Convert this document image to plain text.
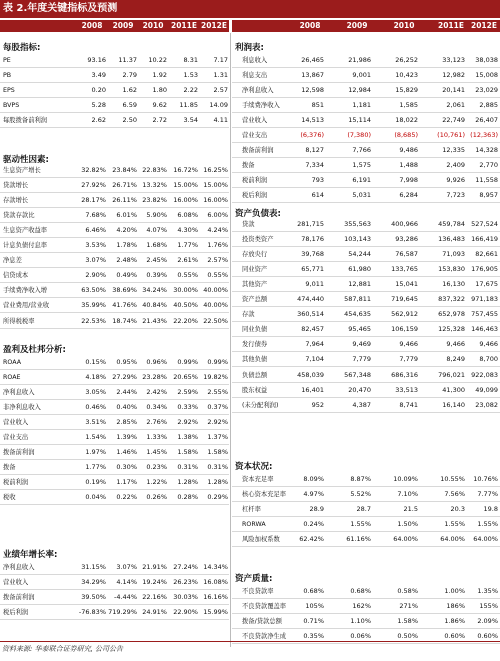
表 2.年度关键指标及预测
2008	2009	2010	2011E 2012E	2008	2009	2010	2011E 2012E
每股指标:
PE	93.16	11.37	10.22	8.31	7.17
PB	3.49	2.79	1.92	1.53	1.31
EPS	0.20	1.62	1.80	2.22	2.57
BVPS	5.28	6.59	9.62	11.85	14.09
每股拨备前利润	2.62	2.50	2.72	3.54	4.11
驱动性因素:
生息资产增长	32.82% 23.84% 22.83% 16.72% 16.25%
贷款增长	27.92% 26.71% 13.32% 15.00% 15.00%
存款增长	28.17% 26.11% 23.82% 16.00% 16.00%
贷款存款比	7.68%	6.01%	5.90%	6.08%	6.00%
生息资产收益率	6.46%	4.20%	4.07%	4.30%	4.24%
计息负债付息率	3.53%	1.78%	1.68%	1.77%	1.76%
净息差	3.07%	2.48%	2.45%	2.61%	2.57%
信贷成本	2.90%	0.49%	0.39%	0.55%	0.55%
手续费净收入增	63.50% 38.69% 34.24% 30.00% 40.00%
营业费用/营业收	35.99% 41.76% 40.84% 40.50% 40.00%
所得税税率	22.53% 18.74% 21.43% 22.20% 22.50%
盈利及杜邦分析:
ROAA	0.15%	0.95%	0.96%	0.99%	0.99%
ROAE	4.18% 27.29% 23.28% 20.65% 19.82%
净利息收入	3.05%	2.44%	2.42%	2.59%	2.55%
非净利息收入	0.46%	0.40%	0.34%	0.33%	0.37%
营业收入	3.51%	2.85%	2.76%	2.92%	2.92%
营业支出	1.54%	1.39%	1.33%	1.38%	1.37%
拨备前利润	1.97%	1.46%	1.45%	1.58%	1.58%
拨备	1.77%	0.30%	0.23%	0.31%	0.31%
税前利润	0.19%	1.17%	1.22%	1.28%	1.28%
税收	0.04%	0.22%	0.26%	0.28%	0.29%
业绩年增长率:
净利息收入	31.15%	3.07% 21.91% 27.24% 14.34%
营业收入	34.29%	4.14% 19.24% 26.23% 16.08%
拨备前利润	39.50%	-4.44% 22.16% 30.03% 16.16%
税后利润	-76.83% 719.29% 24.91% 22.90% 15.99%
利润表:
利息收入	26,465	21,986	26,252	33,123	38,038
利息支出	13,867	9,001	10,423	12,982	15,008
净利息收入	12,598	12,984	15,829	20,141	23,029
手续费净收入	851	1,181	1,585	2,061	2,885
营业收入	14,513	15,114	18,022	22,749	26,407
营业支出	(6,376)	(7,380)	(8,685)	(10,761) (12,363)
拨备前利润	8,127	7,766	9,486	12,335	14,328
拨备	7,334	1,575	1,488	2,409	2,770
税前利润	793	6,191	7,998	9,926	11,558
税后利润	614	5,031	6,284	7,723	8,957
资产负债表:
贷款	281,715	355,563	400,966	459,784 527,524
投资类资产	78,176	103,143	93,286	136,483 166,419
存放央行	39,768	54,244	76,587	71,093	82,661
同业资产	65,771	61,980	133,765	153,830 176,905
其他资产	9,011	12,881	15,041	16,130	17,675
资产总额	474,440	587,811	719,645	837,322 971,183
存款	360,514	454,635	562,912	652,978 757,455
同业负债	82,457	95,465	106,159	125,328 146,463
发行债券	7,964	9,469	9,466	9,466	9,466
其他负债	7,104	7,779	7,779	8,249	8,700
负债总额	458,039	567,348	686,316	796,021 922,083
股东权益	16,401	20,470	33,513	41,300	49,099
(未分配利润)	952	4,387	8,741	16,140	23,082
资本状况:
资本充足率	8.09%	8.87%	10.09%	10.55%	10.76%
核心资本充足率	4.97%	5.52%	7.10%	7.56%	7.77%
杠杆率	28.9	28.7	21.5	20.3	19.8
RORWA	0.24%	1.55%	1.50%	1.55%	1.55%
风险加权系数	62.42%	61.16%	64.00%	64.00%	64.00%
资产质量:
不良贷款率	0.68%	0.68%	0.58%	1.00%	1.35%
不良贷款覆盖率	105%	162%	271%	186%	155%
拨备/贷款总额	0.71%	1.10%	1.58%	1.86%	2.09%
不良贷款净生成	0.35%	0.06%	0.50%	0.60%	0.60%
资料来源: 华泰联合证券研究, 公司公告
